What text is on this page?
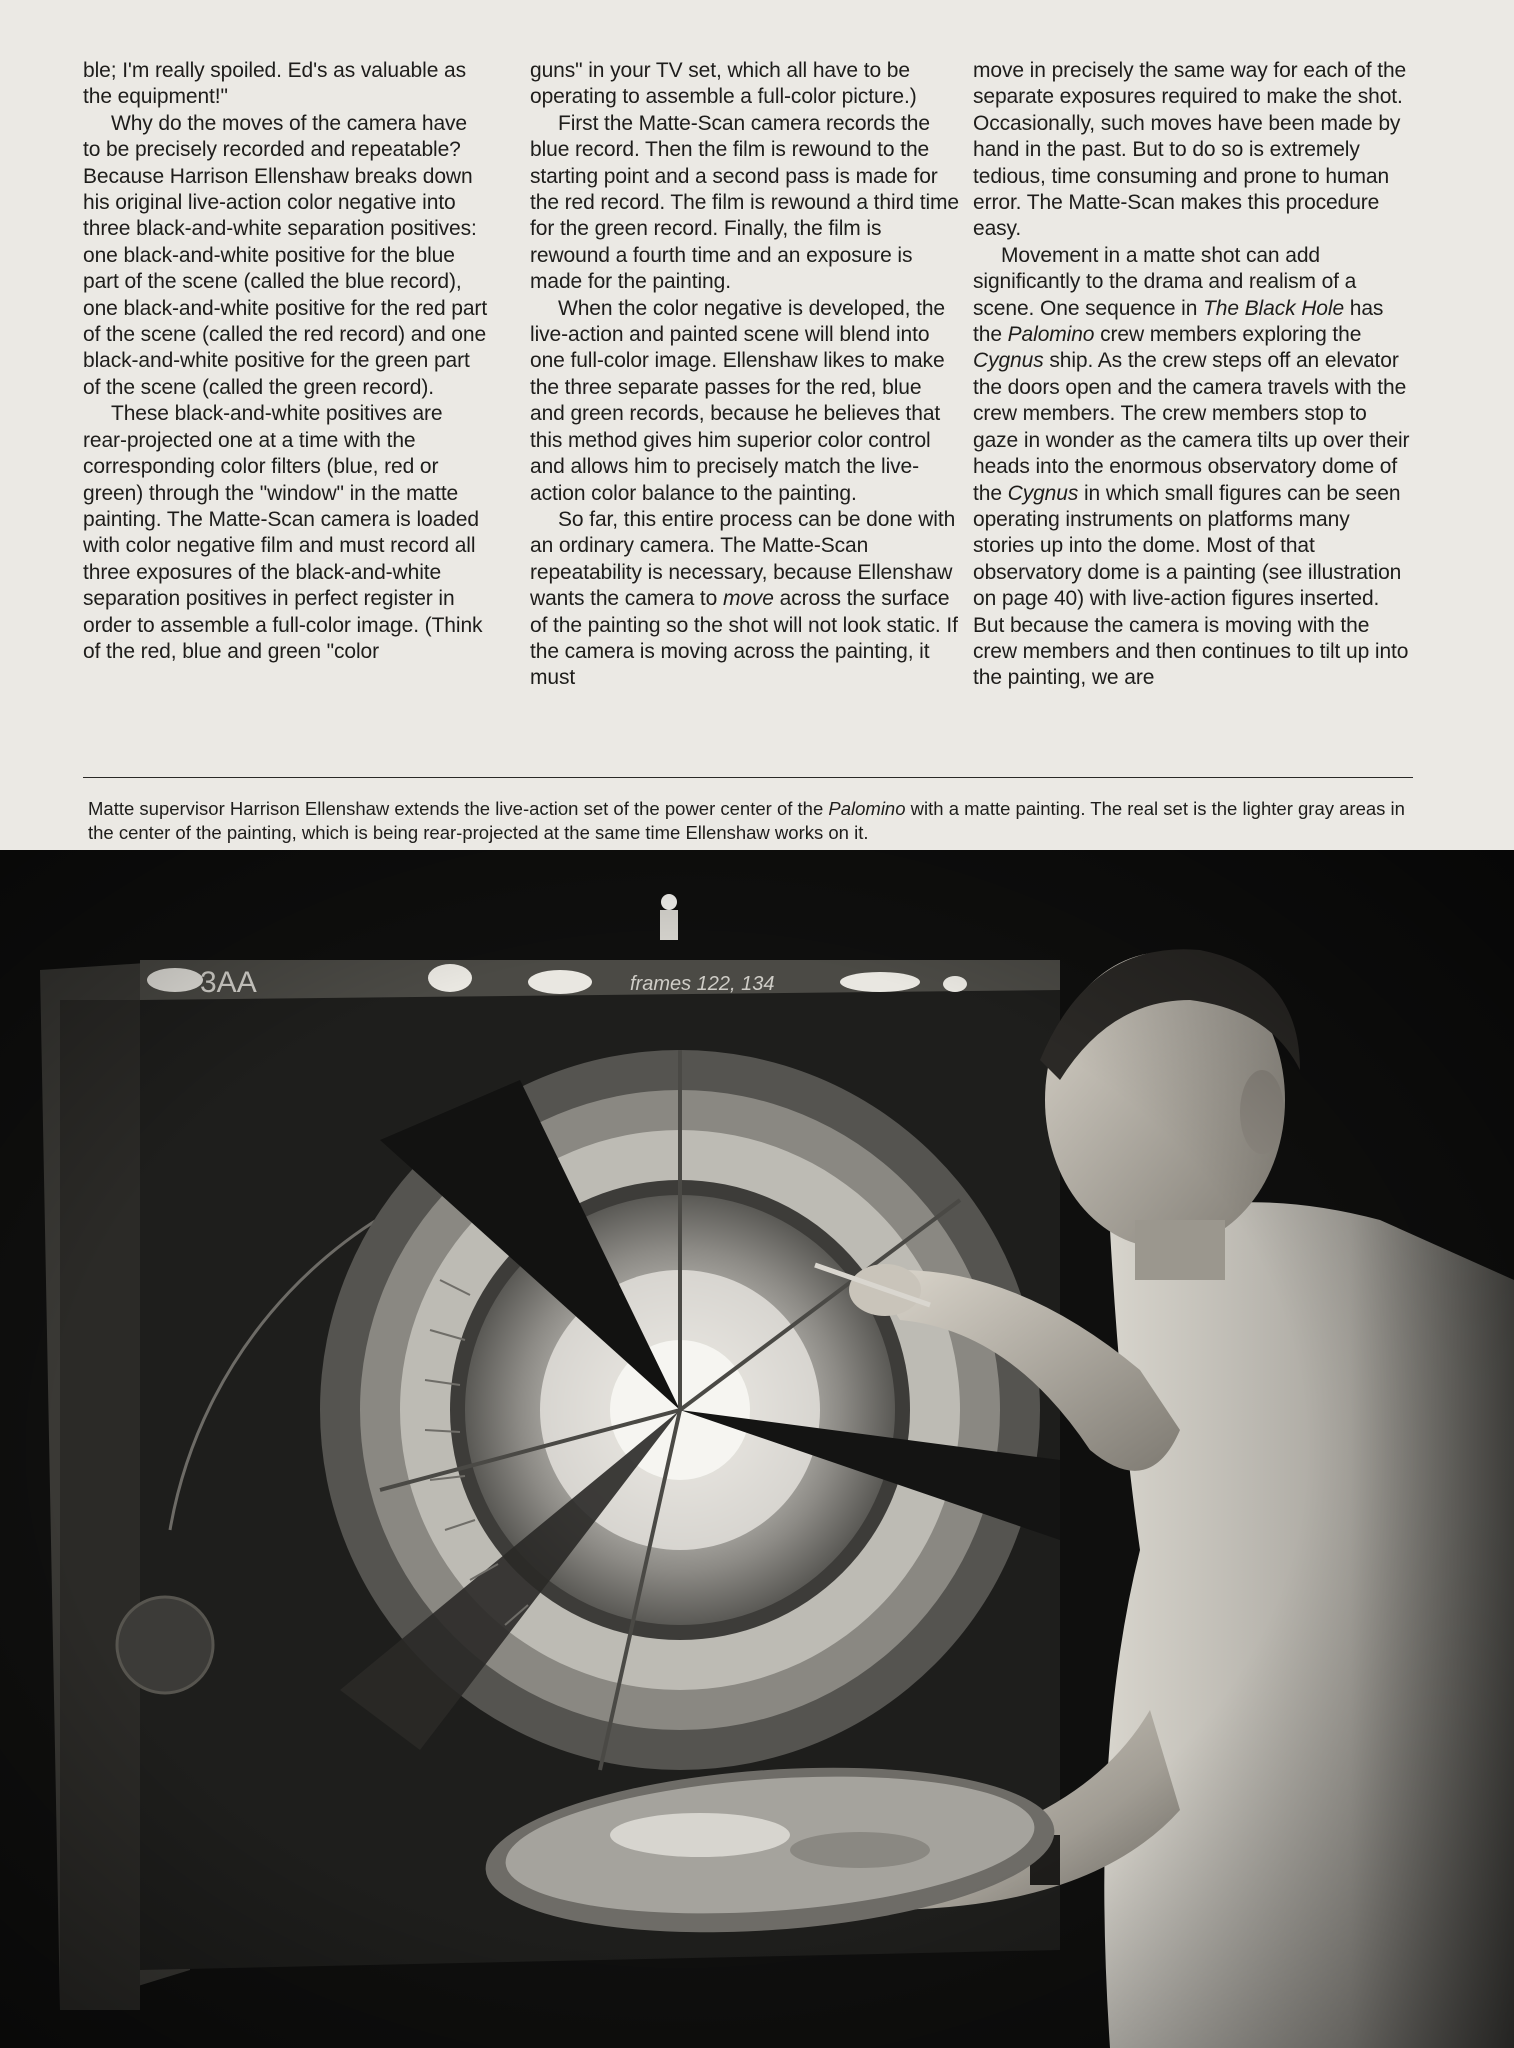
ble; I'm really spoiled. Ed's as valuable as the equipment!"

Why do the moves of the camera have to be precisely recorded and repeatable? Because Harrison Ellenshaw breaks down his original live-action color negative into three black-and-white separation positives: one black-and-white positive for the blue part of the scene (called the blue record), one black-and-white positive for the red part of the scene (called the red record) and one black-and-white positive for the green part of the scene (called the green record).

These black-and-white positives are rear-projected one at a time with the corresponding color filters (blue, red or green) through the "window" in the matte painting. The Matte-Scan camera is loaded with color negative film and must record all three exposures of the black-and-white separation positives in perfect register in order to assemble a full-color image. (Think of the red, blue and green "color

guns" in your TV set, which all have to be operating to assemble a full-color picture.)

First the Matte-Scan camera records the blue record. Then the film is rewound to the starting point and a second pass is made for the red record. The film is rewound a third time for the green record. Finally, the film is rewound a fourth time and an exposure is made for the painting.

When the color negative is developed, the live-action and painted scene will blend into one full-color image. Ellenshaw likes to make the three separate passes for the red, blue and green records, because he believes that this method gives him superior color control and allows him to precisely match the live-action color balance to the painting.

So far, this entire process can be done with an ordinary camera. The Matte-Scan repeatability is necessary, because Ellenshaw wants the camera to move across the surface of the painting so the shot will not look static. If the camera is moving across the painting, it must

move in precisely the same way for each of the separate exposures required to make the shot. Occasionally, such moves have been made by hand in the past. But to do so is extremely tedious, time consuming and prone to human error. The Matte-Scan makes this procedure easy.

Movement in a matte shot can add significantly to the drama and realism of a scene. One sequence in The Black Hole has the Palomino crew members exploring the Cygnus ship. As the crew steps off an elevator the doors open and the camera travels with the crew members. The crew members stop to gaze in wonder as the camera tilts up over their heads into the enormous observatory dome of the Cygnus in which small figures can be seen operating instruments on platforms many stories up into the dome. Most of that observatory dome is a painting (see illustration on page 40) with live-action figures inserted. But because the camera is moving with the crew members and then continues to tilt up into the painting, we are

Matte supervisor Harrison Ellenshaw extends the live-action set of the power center of the Palomino with a matte painting. The real set is the lighter gray areas in the center of the painting, which is being rear-projected at the same time Ellenshaw works on it.
